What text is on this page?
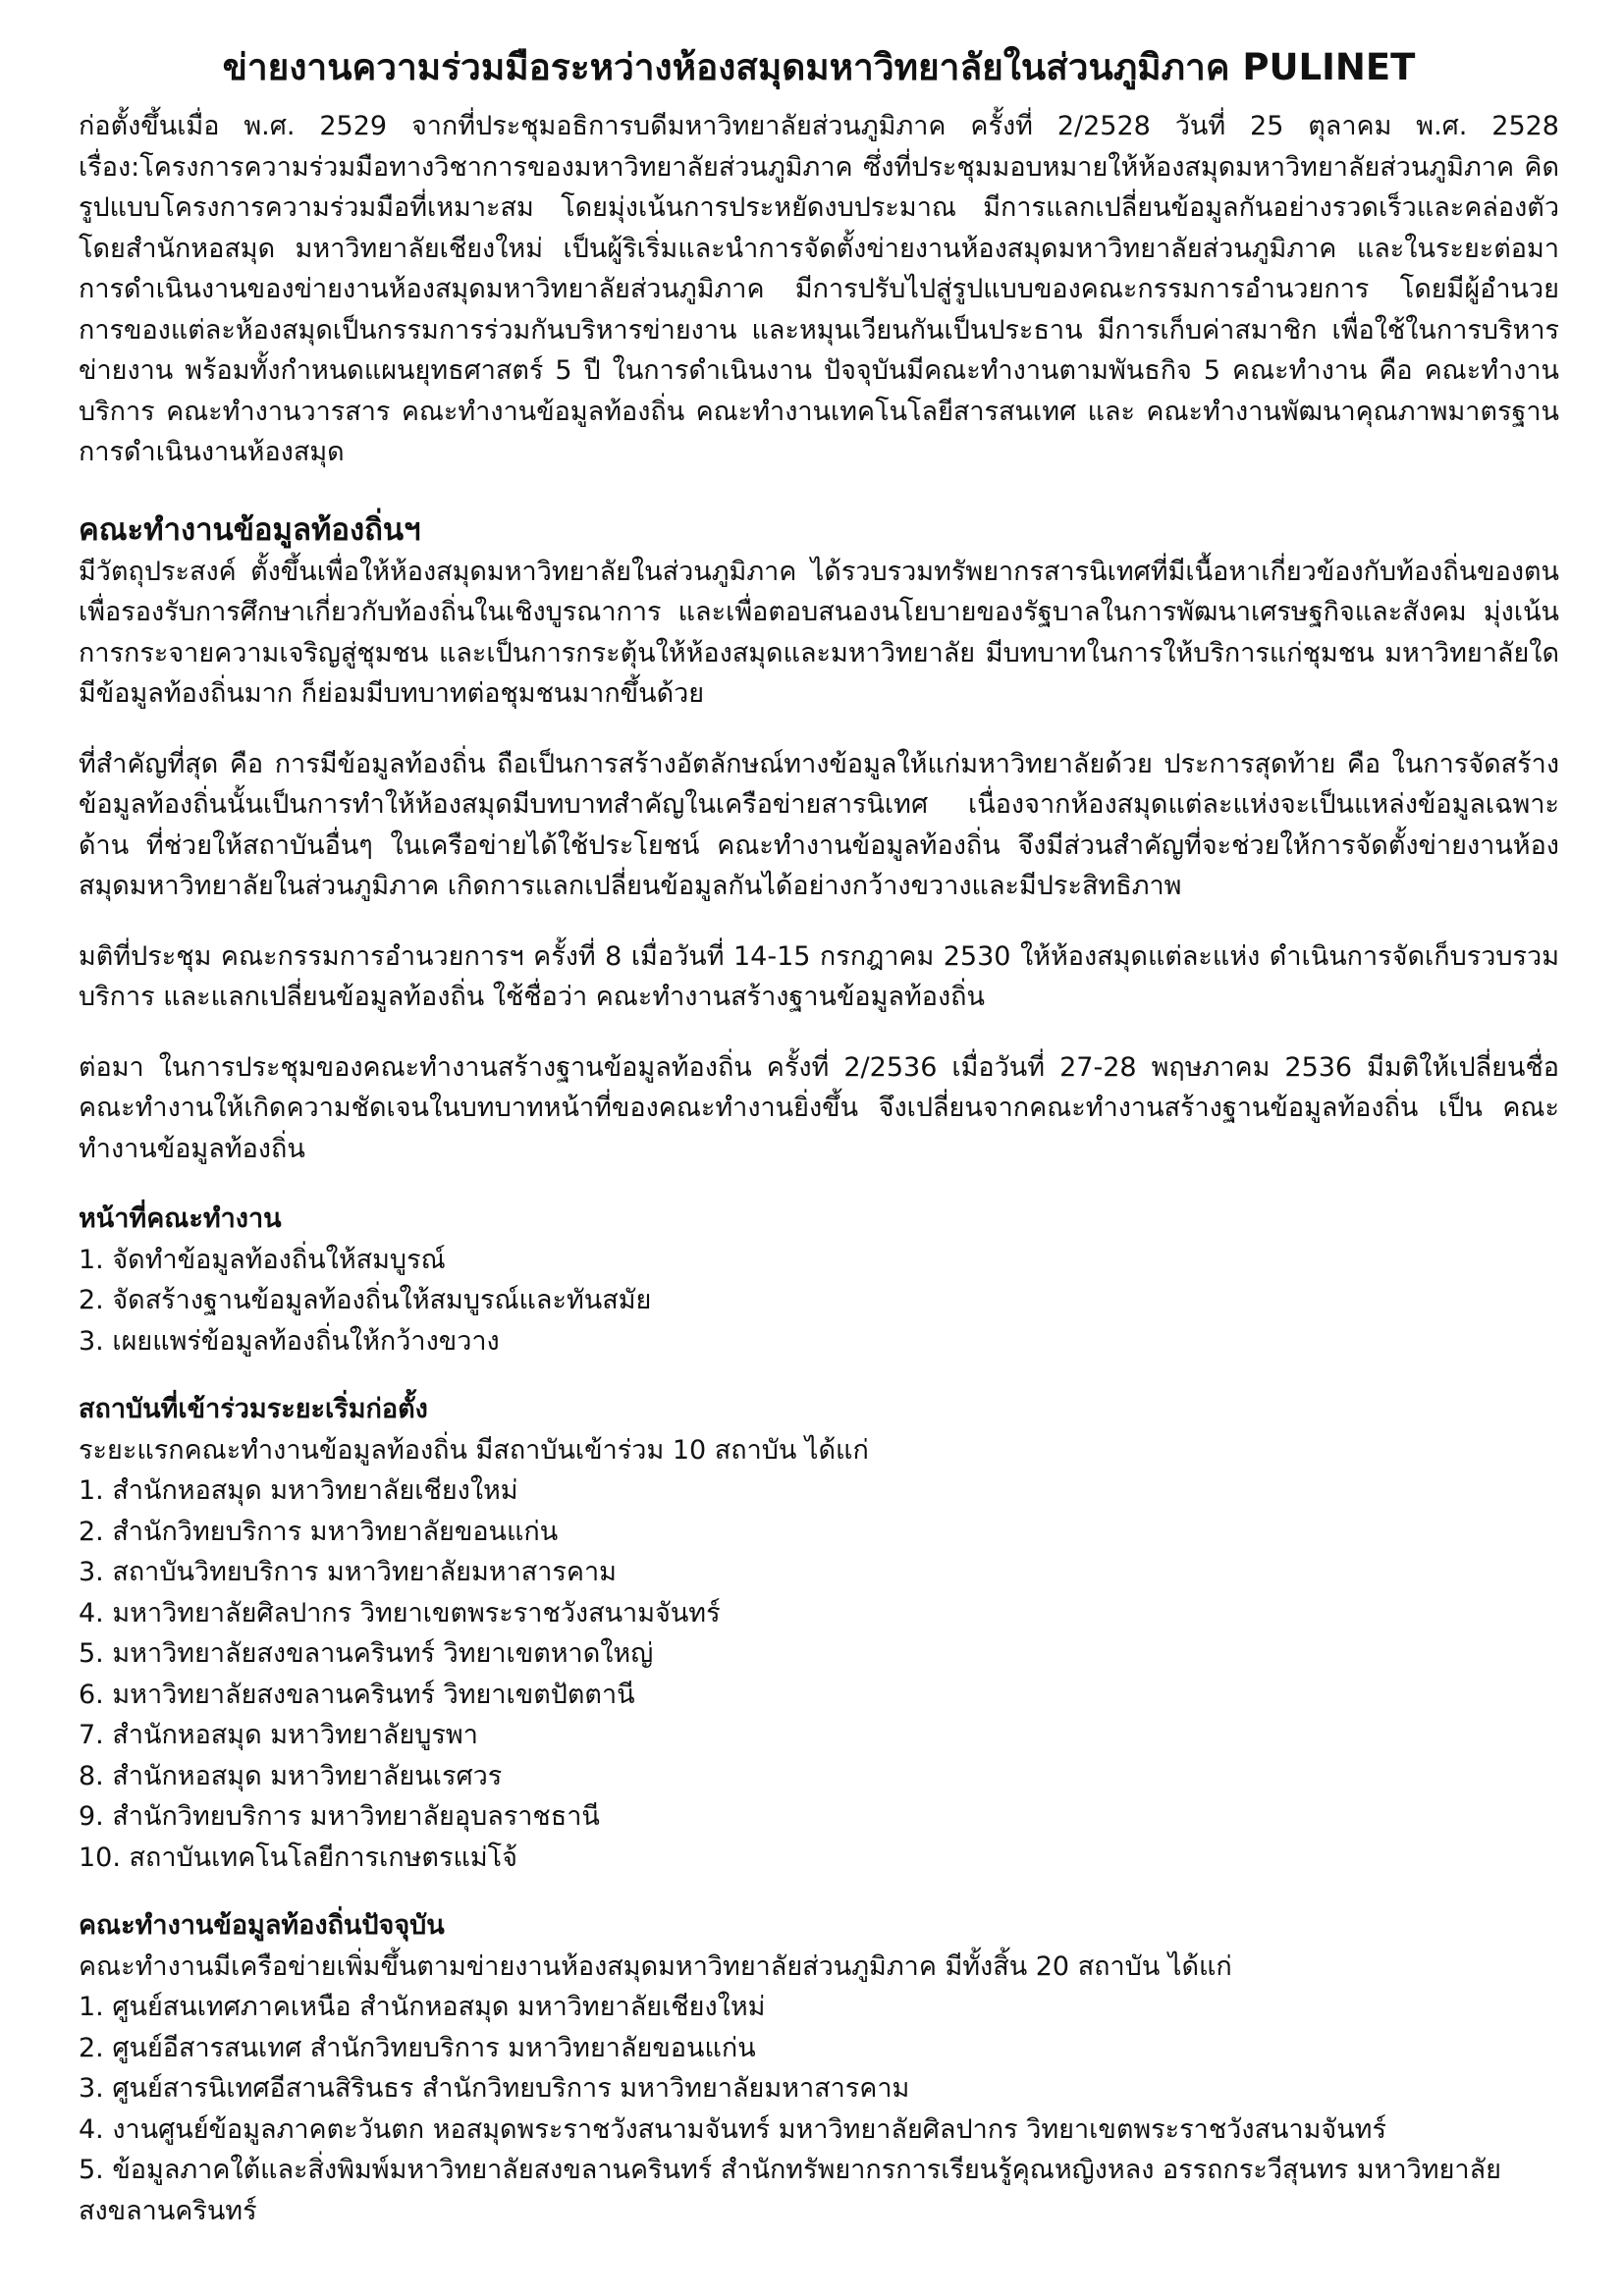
ข่ายงานความร่วมมือระหว่างห้องสมุดมหาวิทยาลัยในส่วนภูมิภาค PULINET

ก่อตั้งขึ้นเมื่อ พ.ศ. 2529 จากที่ประชุมอธิการบดีมหาวิทยาลัยส่วนภูมิภาค ครั้งที่ 2/2528 วันที่ 25 ตุลาคม พ.ศ. 2528 เรื่อง:โครงการความร่วมมือทางวิชาการของมหาวิทยาลัยส่วนภูมิภาค ซึ่งที่ประชุมมอบหมายให้ห้องสมุดมหาวิทยาลัยส่วนภูมิภาค คิดรูปแบบโครงการความร่วมมือที่เหมาะสม โดยมุ่งเน้นการประหยัดงบประมาณ มีการแลกเปลี่ยนข้อมูลกันอย่างรวดเร็วและคล่องตัว โดยสำนักหอสมุด มหาวิทยาลัยเชียงใหม่ เป็นผู้ริเริ่มและนำการจัดตั้งข่ายงานห้องสมุดมหาวิทยาลัยส่วนภูมิภาค และในระยะต่อมาการดำเนินงานของข่ายงานห้องสมุดมหาวิทยาลัยส่วนภูมิภาค มีการปรับไปสู่รูปแบบของคณะกรรมการอำนวยการ โดยมีผู้อำนวยการของแต่ละห้องสมุดเป็นกรรมการร่วมกันบริหารข่ายงาน และหมุนเวียนกันเป็นประธาน มีการเก็บค่าสมาชิก เพื่อใช้ในการบริหารข่ายงาน พร้อมทั้งกำหนดแผนยุทธศาสตร์ 5 ปี ในการดำเนินงาน ปัจจุบันมีคณะทำงานตามพันธกิจ 5 คณะทำงาน คือ คณะทำงานบริการ คณะทำงานวารสาร คณะทำงานข้อมูลท้องถิ่น คณะทำงานเทคโนโลยีสารสนเทศ และ คณะทำงานพัฒนาคุณภาพมาตรฐานการดำเนินงานห้องสมุด

คณะทำงานข้อมูลท้องถิ่นฯ

มีวัตถุประสงค์ ตั้งขึ้นเพื่อให้ห้องสมุดมหาวิทยาลัยในส่วนภูมิภาค ได้รวบรวมทรัพยากรสารนิเทศที่มีเนื้อหาเกี่ยวข้องกับท้องถิ่นของตน เพื่อรองรับการศึกษาเกี่ยวกับท้องถิ่นในเชิงบูรณาการ และเพื่อตอบสนองนโยบายของรัฐบาลในการพัฒนาเศรษฐกิจและสังคม มุ่งเน้นการกระจายความเจริญสู่ชุมชน และเป็นการกระตุ้นให้ห้องสมุดและมหาวิทยาลัย มีบทบาทในการให้บริการแก่ชุมชน มหาวิทยาลัยใดมีข้อมูลท้องถิ่นมาก ก็ย่อมมีบทบาทต่อชุมชนมากขึ้นด้วย

ที่สำคัญที่สุด คือ การมีข้อมูลท้องถิ่น ถือเป็นการสร้างอัตลักษณ์ทางข้อมูลให้แก่มหาวิทยาลัยด้วย ประการสุดท้าย คือ ในการจัดสร้างข้อมูลท้องถิ่นนั้นเป็นการทำให้ห้องสมุดมีบทบาทสำคัญในเครือข่ายสารนิเทศ เนื่องจากห้องสมุดแต่ละแห่งจะเป็นแหล่งข้อมูลเฉพาะด้าน ที่ช่วยให้สถาบันอื่นๆ ในเครือข่ายได้ใช้ประโยชน์ คณะทำงานข้อมูลท้องถิ่น จึงมีส่วนสำคัญที่จะช่วยให้การจัดตั้งข่ายงานห้องสมุดมหาวิทยาลัยในส่วนภูมิภาค เกิดการแลกเปลี่ยนข้อมูลกันได้อย่างกว้างขวางและมีประสิทธิภาพ

มติที่ประชุม คณะกรรมการอำนวยการฯ ครั้งที่ 8 เมื่อวันที่ 14-15 กรกฎาคม 2530 ให้ห้องสมุดแต่ละแห่ง ดำเนินการจัดเก็บรวบรวม บริการ และแลกเปลี่ยนข้อมูลท้องถิ่น ใช้ชื่อว่า คณะทำงานสร้างฐานข้อมูลท้องถิ่น

ต่อมา ในการประชุมของคณะทำงานสร้างฐานข้อมูลท้องถิ่น ครั้งที่ 2/2536 เมื่อวันที่ 27-28 พฤษภาคม 2536 มีมติให้เปลี่ยนชื่อคณะทำงานให้เกิดความชัดเจนในบทบาทหน้าที่ของคณะทำงานยิ่งขึ้น จึงเปลี่ยนจากคณะทำงานสร้างฐานข้อมูลท้องถิ่น เป็น คณะทำงานข้อมูลท้องถิ่น

หน้าที่คณะทำงาน
1. จัดทำข้อมูลท้องถิ่นให้สมบูรณ์
2. จัดสร้างฐานข้อมูลท้องถิ่นให้สมบูรณ์และทันสมัย
3. เผยแพร่ข้อมูลท้องถิ่นให้กว้างขวาง
สถาบันที่เข้าร่วมระยะเริ่มก่อตั้ง

ระยะแรกคณะทำงานข้อมูลท้องถิ่น มีสถาบันเข้าร่วม 10 สถาบัน ได้แก่

1. สำนักหอสมุด มหาวิทยาลัยเชียงใหม่
2. สำนักวิทยบริการ มหาวิทยาลัยขอนแก่น
3. สถาบันวิทยบริการ มหาวิทยาลัยมหาสารคาม
4. มหาวิทยาลัยศิลปากร วิทยาเขตพระราชวังสนามจันทร์
5. มหาวิทยาลัยสงขลานครินทร์ วิทยาเขตหาดใหญ่
6. มหาวิทยาลัยสงขลานครินทร์ วิทยาเขตปัตตานี
7. สำนักหอสมุด มหาวิทยาลัยบูรพา
8. สำนักหอสมุด มหาวิทยาลัยนเรศวร
9. สำนักวิทยบริการ มหาวิทยาลัยอุบลราชธานี
10. สถาบันเทคโนโลยีการเกษตรแม่โจ้
คณะทำงานข้อมูลท้องถิ่นปัจจุบัน

คณะทำงานมีเครือข่ายเพิ่มขึ้นตามข่ายงานห้องสมุดมหาวิทยาลัยส่วนภูมิภาค มีทั้งสิ้น 20 สถาบัน ได้แก่

1. ศูนย์สนเทศภาคเหนือ สำนักหอสมุด มหาวิทยาลัยเชียงใหม่
2. ศูนย์อีสารสนเทศ สำนักวิทยบริการ มหาวิทยาลัยขอนแก่น
3. ศูนย์สารนิเทศอีสานสิรินธร สำนักวิทยบริการ มหาวิทยาลัยมหาสารคาม
4. งานศูนย์ข้อมูลภาคตะวันตก หอสมุดพระราชวังสนามจันทร์ มหาวิทยาลัยศิลปากร วิทยาเขตพระราชวังสนามจันทร์
5. ข้อมูลภาคใต้และสิ่งพิมพ์มหาวิทยาลัยสงขลานครินทร์ สำนักทรัพยากรการเรียนรู้คุณหญิงหลง อรรถกระวีสุนทร มหาวิทยาลัยสงขลานครินทร์
